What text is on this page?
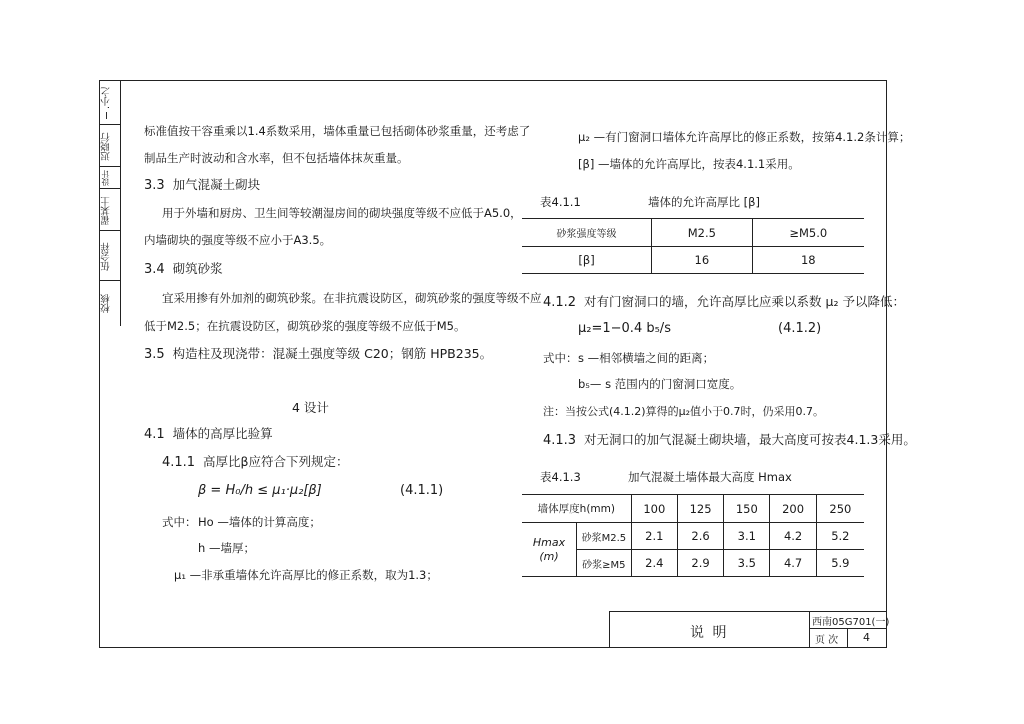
Ⅰ.小之
迟晓行
设计
翟某土
伍会祥
校核
标准值按干容重乘以1.4系数采用，墙体重量已包括砌体砂浆重量，还考虑了
制品生产时波动和含水率，但不包括墙体抹灰重量。
3.3 加气混凝土砌块
用于外墙和厨房、卫生间等较潮湿房间的砌块强度等级不应低于A5.0，
内墙砌块的强度等级不应小于A3.5。
3.4 砌筑砂浆
宜采用掺有外加剂的砌筑砂浆。在非抗震设防区，砌筑砂浆的强度等级不应
低于M2.5；在抗震设防区，砌筑砂浆的强度等级不应低于M5。
3.5 构造柱及现浇带：混凝土强度等级 C20；钢筋 HPB235。
4 设计
4.1 墙体的高厚比验算
4.1.1 高厚比β应符合下列规定：
β = H₀/h ≤ μ₁·μ₂[β]	(4.1.1)
式中： Ho —墙体的计算高度；
h —墙厚；
μ₁ —非承重墙体允许高厚比的修正系数，取为1.3；
μ₂ —有门窗洞口墙体允许高厚比的修正系数，按第4.1.2条计算；
[β] —墙体的允许高厚比，按表4.1.1采用。
表4.1.1	墙体的允许高厚比 [β]
砂浆强度等级	M2.5	≥M5.0
[β]	16	18
4.1.2 对有门窗洞口的墙，允许高厚比应乘以系数 μ₂ 予以降低：
μ₂=1−0.4 b₅/s	(4.1.2)
式中： s —相邻横墙之间的距离；
b₅— s 范围内的门窗洞口宽度。
注：当按公式(4.1.2)算得的μ₂值小于0.7时，仍采用0.7。
4.1.3 对无洞口的加气混凝土砌块墙，最大高度可按表4.1.3采用。
表4.1.3	加气混凝土墙体最大高度 Hmax
墙体厚度h(mm)		100	125	150	200	250
Hmax (m)	砂浆M2.5	2.1	2.6	3.1	4.2	5.2
	砂浆≥M5	2.4	2.9	3.5	4.7	5.9
说 明
西南05G701(一)
页 次 4
